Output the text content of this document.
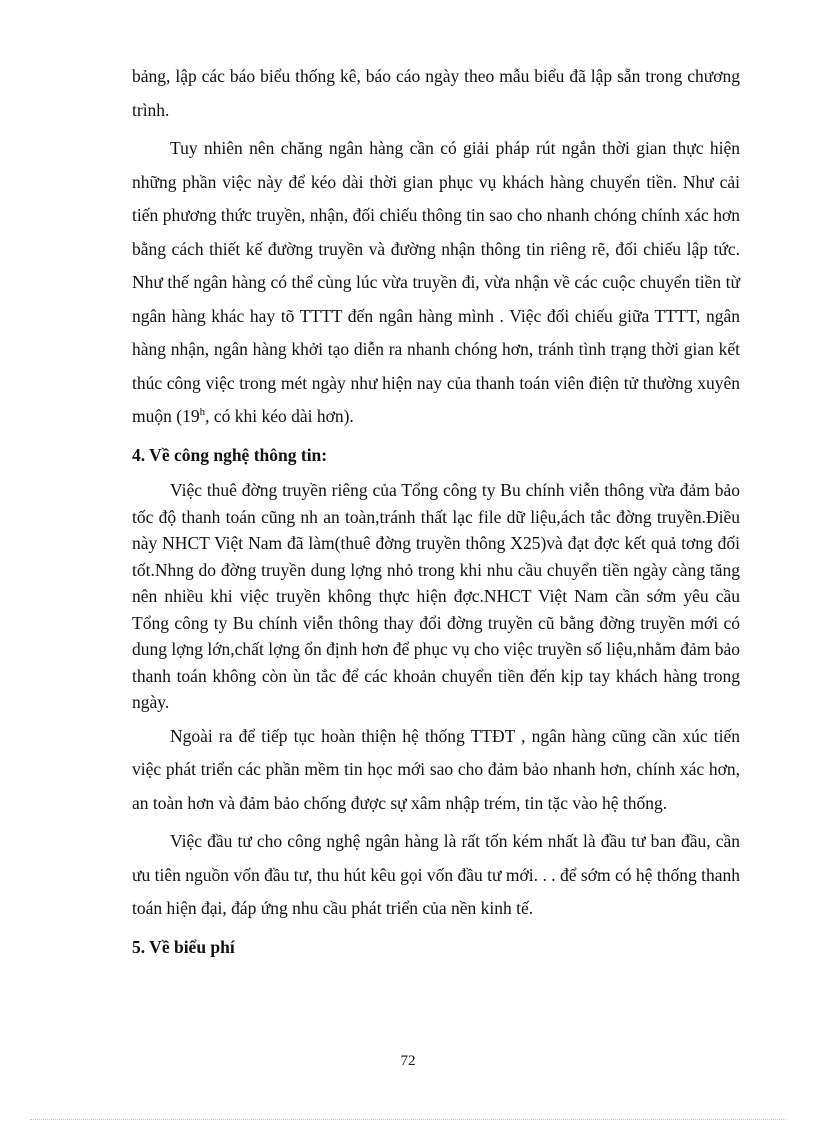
bảng, lập các báo biểu thống kê, báo cáo ngày theo mẫu biểu đã lập sẵn trong chương trình.

Tuy nhiên nên chăng ngân hàng cần có giải pháp rút ngắn thời gian thực hiện những phần việc này để kéo dài thời gian phục vụ khách hàng chuyển tiền. Như cải tiến phương thức truyền, nhận, đối chiếu thông tin sao cho nhanh chóng chính xác hơn bằng cách thiết kế đường truyền và đường nhận thông tin riêng rẽ, đối chiếu lập tức. Như thế ngân hàng có thể cùng lúc vừa truyền đi, vừa nhận về các cuộc chuyển tiền từ ngân hàng khác hay tõ TTTT đến ngân hàng mình . Việc đối chiếu giữa TTTT, ngân hàng nhận, ngân hàng khởi tạo diễn ra nhanh chóng hơn, tránh tình trạng thời gian kết thúc công việc trong mét ngày như hiện nay của thanh toán viên điện tử thường xuyên muộn (19$^h$, có khi kéo dài hơn).

4. Về công nghệ thông tin:

Việc thuê đờng truyền riêng của Tổng công ty Bu chính viễn thông vừa đảm bảo tốc độ thanh toán cũng nh an toàn,tránh thất lạc file dữ liệu,ách tắc đờng truyền.Điều này NHCT Việt Nam đã làm(thuê đờng truyền thông X25)và đạt đợc kết quả tơng đối tốt.Nhng do đờng truyền dung lợng nhỏ trong khi nhu cầu chuyển tiền ngày càng tăng nên nhiều khi việc truyền không thực hiện đợc.NHCT Việt Nam cần sớm yêu cầu Tổng công ty Bu chính viễn thông thay đổi đờng truyền cũ bằng đờng truyền mới có dung lợng lớn,chất lợng ổn định hơn để phục vụ cho việc truyền số liệu,nhằm đảm bảo thanh toán không còn ùn tắc để các khoản chuyển tiền đến kịp tay khách hàng trong ngày.

Ngoài ra để tiếp tục hoàn thiện hệ thống TTĐT , ngân hàng cũng cần xúc tiến việc phát triển các phần mềm tin học mới sao cho đảm bảo nhanh hơn, chính xác hơn, an toàn hơn và đảm bảo chống được sự xâm nhập trém, tin tặc vào hệ thống.

Việc đầu tư cho công nghệ ngân hàng là rất tốn kém nhất là đầu tư ban đầu, cần ưu tiên nguồn vốn đầu tư, thu hút kêu gọi vốn đầu tư mới. . . để sớm có hệ thống thanh toán hiện đại, đáp ứng nhu cầu phát triển của nền kinh tế.

5. Về biểu phí
72
